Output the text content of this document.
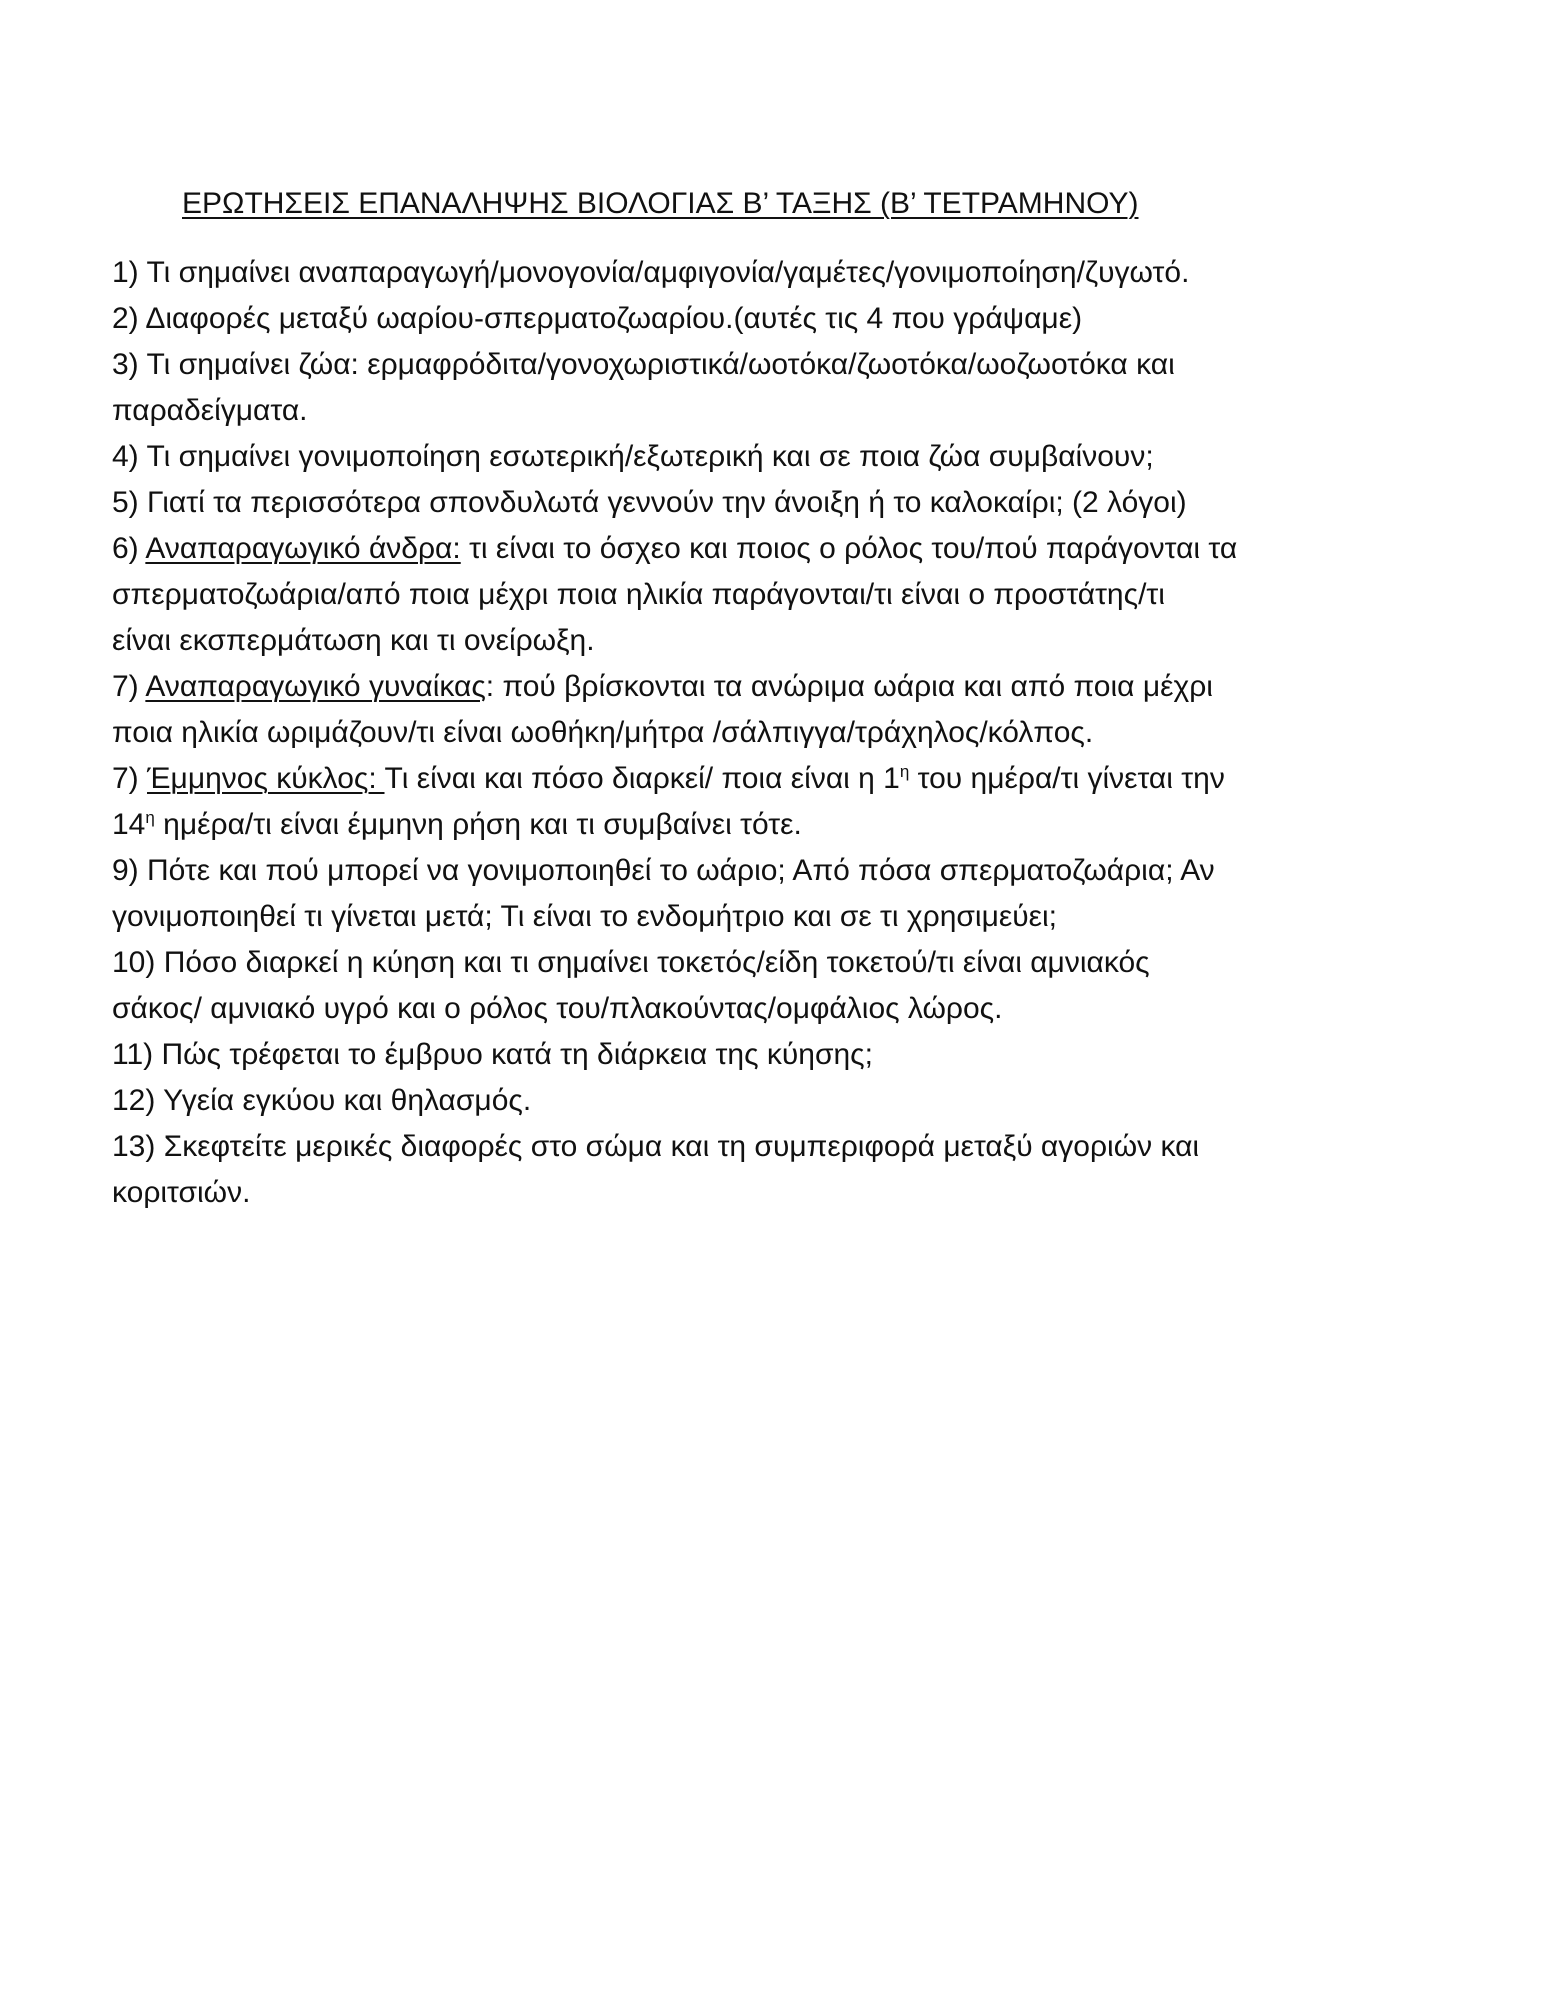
ΕΡΩΤΗΣΕΙΣ ΕΠΑΝΑΛΗΨΗΣ ΒΙΟΛΟΓΙΑΣ Β’ ΤΑΞΗΣ (Β’ ΤΕΤΡΑΜΗΝΟΥ)
1) Τι σημαίνει αναπαραγωγή/μονογονία/αμφιγονία/γαμέτες/γονιμοποίηση/ζυγωτό.
2) Διαφορές μεταξύ ωαρίου-σπερματοζωαρίου.(αυτές τις 4 που γράψαμε)
3) Τι σημαίνει ζώα: ερμαφρόδιτα/γονοχωριστικά/ωοτόκα/ζωοτόκα/ωοζωοτόκα και
παραδείγματα.
4) Τι σημαίνει γονιμοποίηση εσωτερική/εξωτερική και σε ποια ζώα συμβαίνουν;
5) Γιατί τα περισσότερα σπονδυλωτά γεννούν την άνοιξη ή το καλοκαίρι; (2 λόγοι)
6) Αναπαραγωγικό άνδρα: τι είναι το όσχεο και ποιος ο ρόλος του/πού παράγονται τα
σπερματοζωάρια/από ποια μέχρι ποια ηλικία παράγονται/τι είναι ο προστάτης/τι
είναι εκσπερμάτωση και τι ονείρωξη.
7) Αναπαραγωγικό γυναίκας: πού βρίσκονται τα ανώριμα ωάρια και από ποια μέχρι
ποια ηλικία ωριμάζουν/τι είναι ωοθήκη/μήτρα /σάλπιγγα/τράχηλος/κόλπος.
7) Έμμηνος κύκλος: Τι είναι και πόσο διαρκεί/ ποια είναι η $1^\eta$ του ημέρα/τι γίνεται την
$14^\eta$ ημέρα/τι είναι έμμηνη ρήση και τι συμβαίνει τότε.
9) Πότε και πού μπορεί να γονιμοποιηθεί το ωάριο; Από πόσα σπερματοζωάρια; Αν
γονιμοποιηθεί τι γίνεται μετά; Τι είναι το ενδομήτριο και σε τι χρησιμεύει;
10) Πόσο διαρκεί η κύηση και τι σημαίνει τοκετός/είδη τοκετού/τι είναι αμνιακός
σάκος/ αμνιακό υγρό και ο ρόλος του/πλακούντας/ομφάλιος λώρος.
11) Πώς τρέφεται το έμβρυο κατά τη διάρκεια της κύησης;
12) Υγεία εγκύου και θηλασμός.
13) Σκεφτείτε μερικές διαφορές στο σώμα και τη συμπεριφορά μεταξύ αγοριών και
κοριτσιών.
